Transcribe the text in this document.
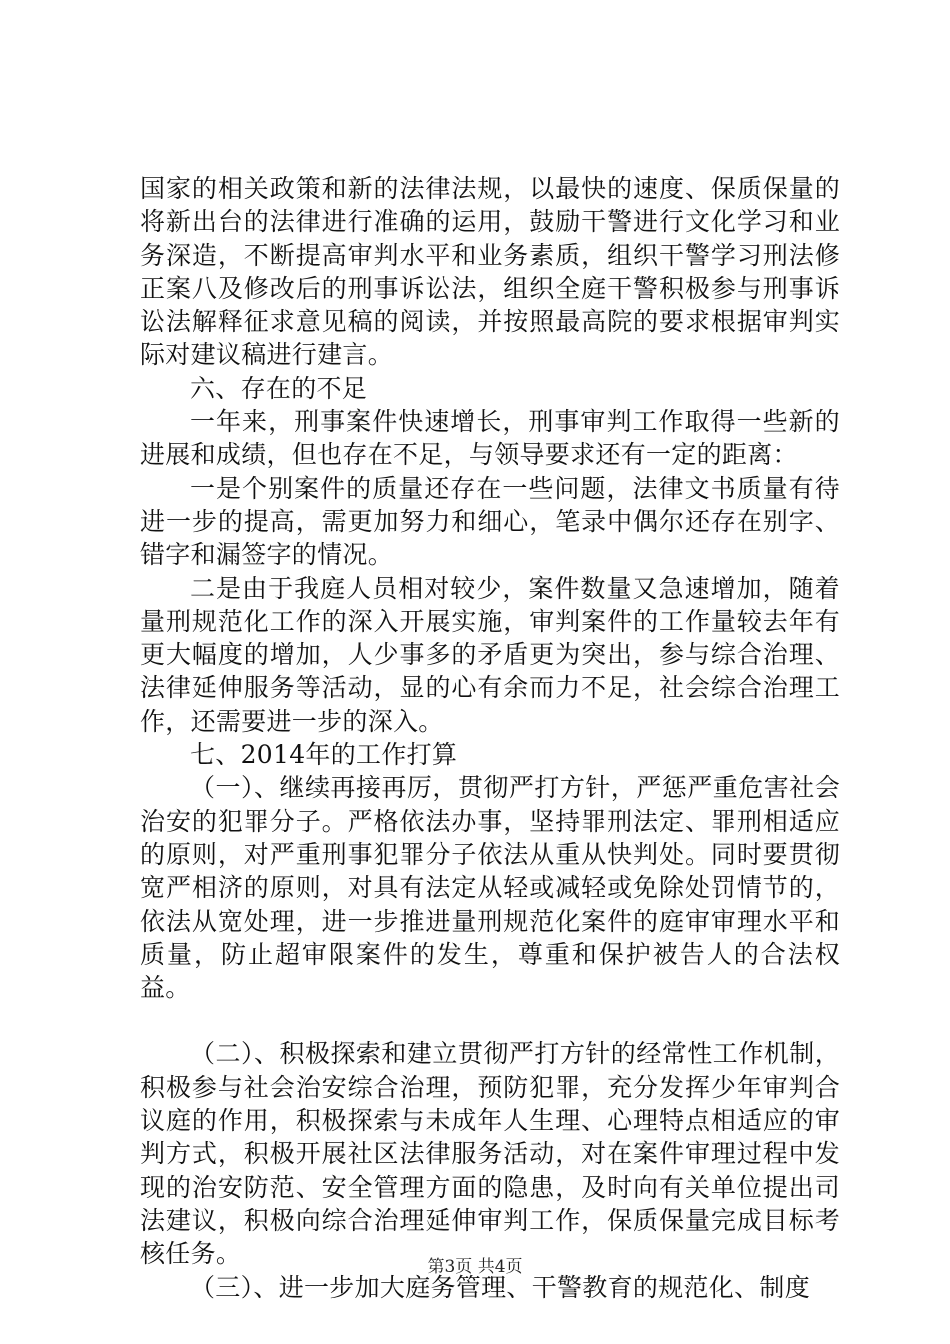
国家的相关政策和新的法律法规，以最快的速度、保质保量的将新出台的法律进行准确的运用，鼓励干警进行文化学习和业务深造，不断提高审判水平和业务素质，组织干警学习刑法修正案八及修改后的刑事诉讼法，组织全庭干警积极参与刑事诉讼法解释征求意见稿的阅读，并按照最高院的要求根据审判实际对建议稿进行建言。

六、存在的不足

一年来，刑事案件快速增长，刑事审判工作取得一些新的进展和成绩，但也存在不足，与领导要求还有一定的距离：

一是个别案件的质量还存在一些问题，法律文书质量有待进一步的提高，需更加努力和细心，笔录中偶尔还存在别字、错字和漏签字的情况。

二是由于我庭人员相对较少，案件数量又急速增加，随着量刑规范化工作的深入开展实施，审判案件的工作量较去年有更大幅度的增加，人少事多的矛盾更为突出，参与综合治理、法律延伸服务等活动，显的心有余而力不足，社会综合治理工作，还需要进一步的深入。

七、2014年的工作打算

（一）、继续再接再厉，贯彻严打方针，严惩严重危害社会治安的犯罪分子。严格依法办事，坚持罪刑法定、罪刑相适应的原则，对严重刑事犯罪分子依法从重从快判处。同时要贯彻宽严相济的原则，对具有法定从轻或减轻或免除处罚情节的，依法从宽处理，进一步推进量刑规范化案件的庭审审理水平和质量，防止超审限案件的发生，尊重和保护被告人的合法权益。

（二）、积极探索和建立贯彻严打方针的经常性工作机制，积极参与社会治安综合治理，预防犯罪，充分发挥少年审判合议庭的作用，积极探索与未成年人生理、心理特点相适应的审判方式，积极开展社区法律服务活动，对在案件审理过程中发现的治安防范、安全管理方面的隐患，及时向有关单位提出司法建议，积极向综合治理延伸审判工作，保质保量完成目标考核任务。

（三）、进一步加大庭务管理、干警教育的规范化、制度

第3页 共4页
